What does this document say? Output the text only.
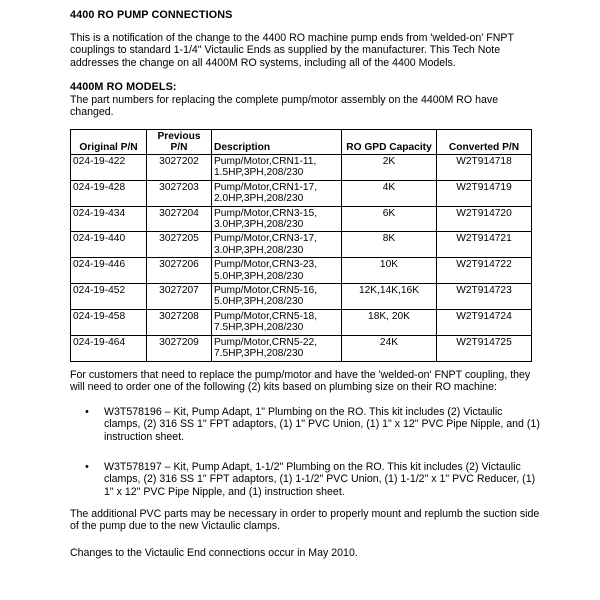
4400 RO PUMP CONNECTIONS

This is a notification of the change to the 4400 RO machine pump ends from 'welded-on' FNPT couplings to standard 1-1/4" Victaulic Ends as supplied by the manufacturer. This Tech Note addresses the change on all 4400M RO systems, including all of the 4400 Models.

4400M RO MODELS:

The part numbers for replacing the complete pump/motor assembly on the 4400M RO have changed.

Original P/N	Previous P/N	Description	RO GPD Capacity	Converted P/N
024-19-422	3027202	Pump/Motor,CRN1-11, 1.5HP,3PH,208/230	2K	W2T914718
024-19-428	3027203	Pump/Motor,CRN1-17, 2.0HP,3PH,208/230	4K	W2T914719
024-19-434	3027204	Pump/Motor,CRN3-15, 3.0HP,3PH,208/230	6K	W2T914720
024-19-440	3027205	Pump/Motor,CRN3-17, 3.0HP,3PH,208/230	8K	W2T914721
024-19-446	3027206	Pump/Motor,CRN3-23, 5.0HP,3PH,208/230	10K	W2T914722
024-19-452	3027207	Pump/Motor,CRN5-16, 5.0HP,3PH,208/230	12K,14K,16K	W2T914723
024-19-458	3027208	Pump/Motor,CRN5-18, 7.5HP,3PH,208/230	18K, 20K	W2T914724
024-19-464	3027209	Pump/Motor,CRN5-22, 7.5HP,3PH,208/230	24K	W2T914725

For customers that need to replace the pump/motor and have the 'welded-on' FNPT coupling, they will need to order one of the following (2) kits based on plumbing size on their RO machine:

• W3T578196 – Kit, Pump Adapt, 1" Plumbing on the RO. This kit includes (2) Victaulic clamps, (2) 316 SS 1" FPT adaptors, (1) 1" PVC Union, (1) 1" x 12" PVC Pipe Nipple, and (1) instruction sheet.
• W3T578197 – Kit, Pump Adapt, 1-1/2" Plumbing on the RO. This kit includes (2) Victaulic clamps, (2) 316 SS 1" FPT adaptors, (1) 1-1/2" PVC Union, (1) 1-1/2" x 1" PVC Reducer, (1) 1" x 12" PVC Pipe Nipple, and (1) instruction sheet.

The additional PVC parts may be necessary in order to properly mount and replumb the suction side of the pump due to the new Victaulic clamps.

Changes to the Victaulic End connections occur in May 2010.
